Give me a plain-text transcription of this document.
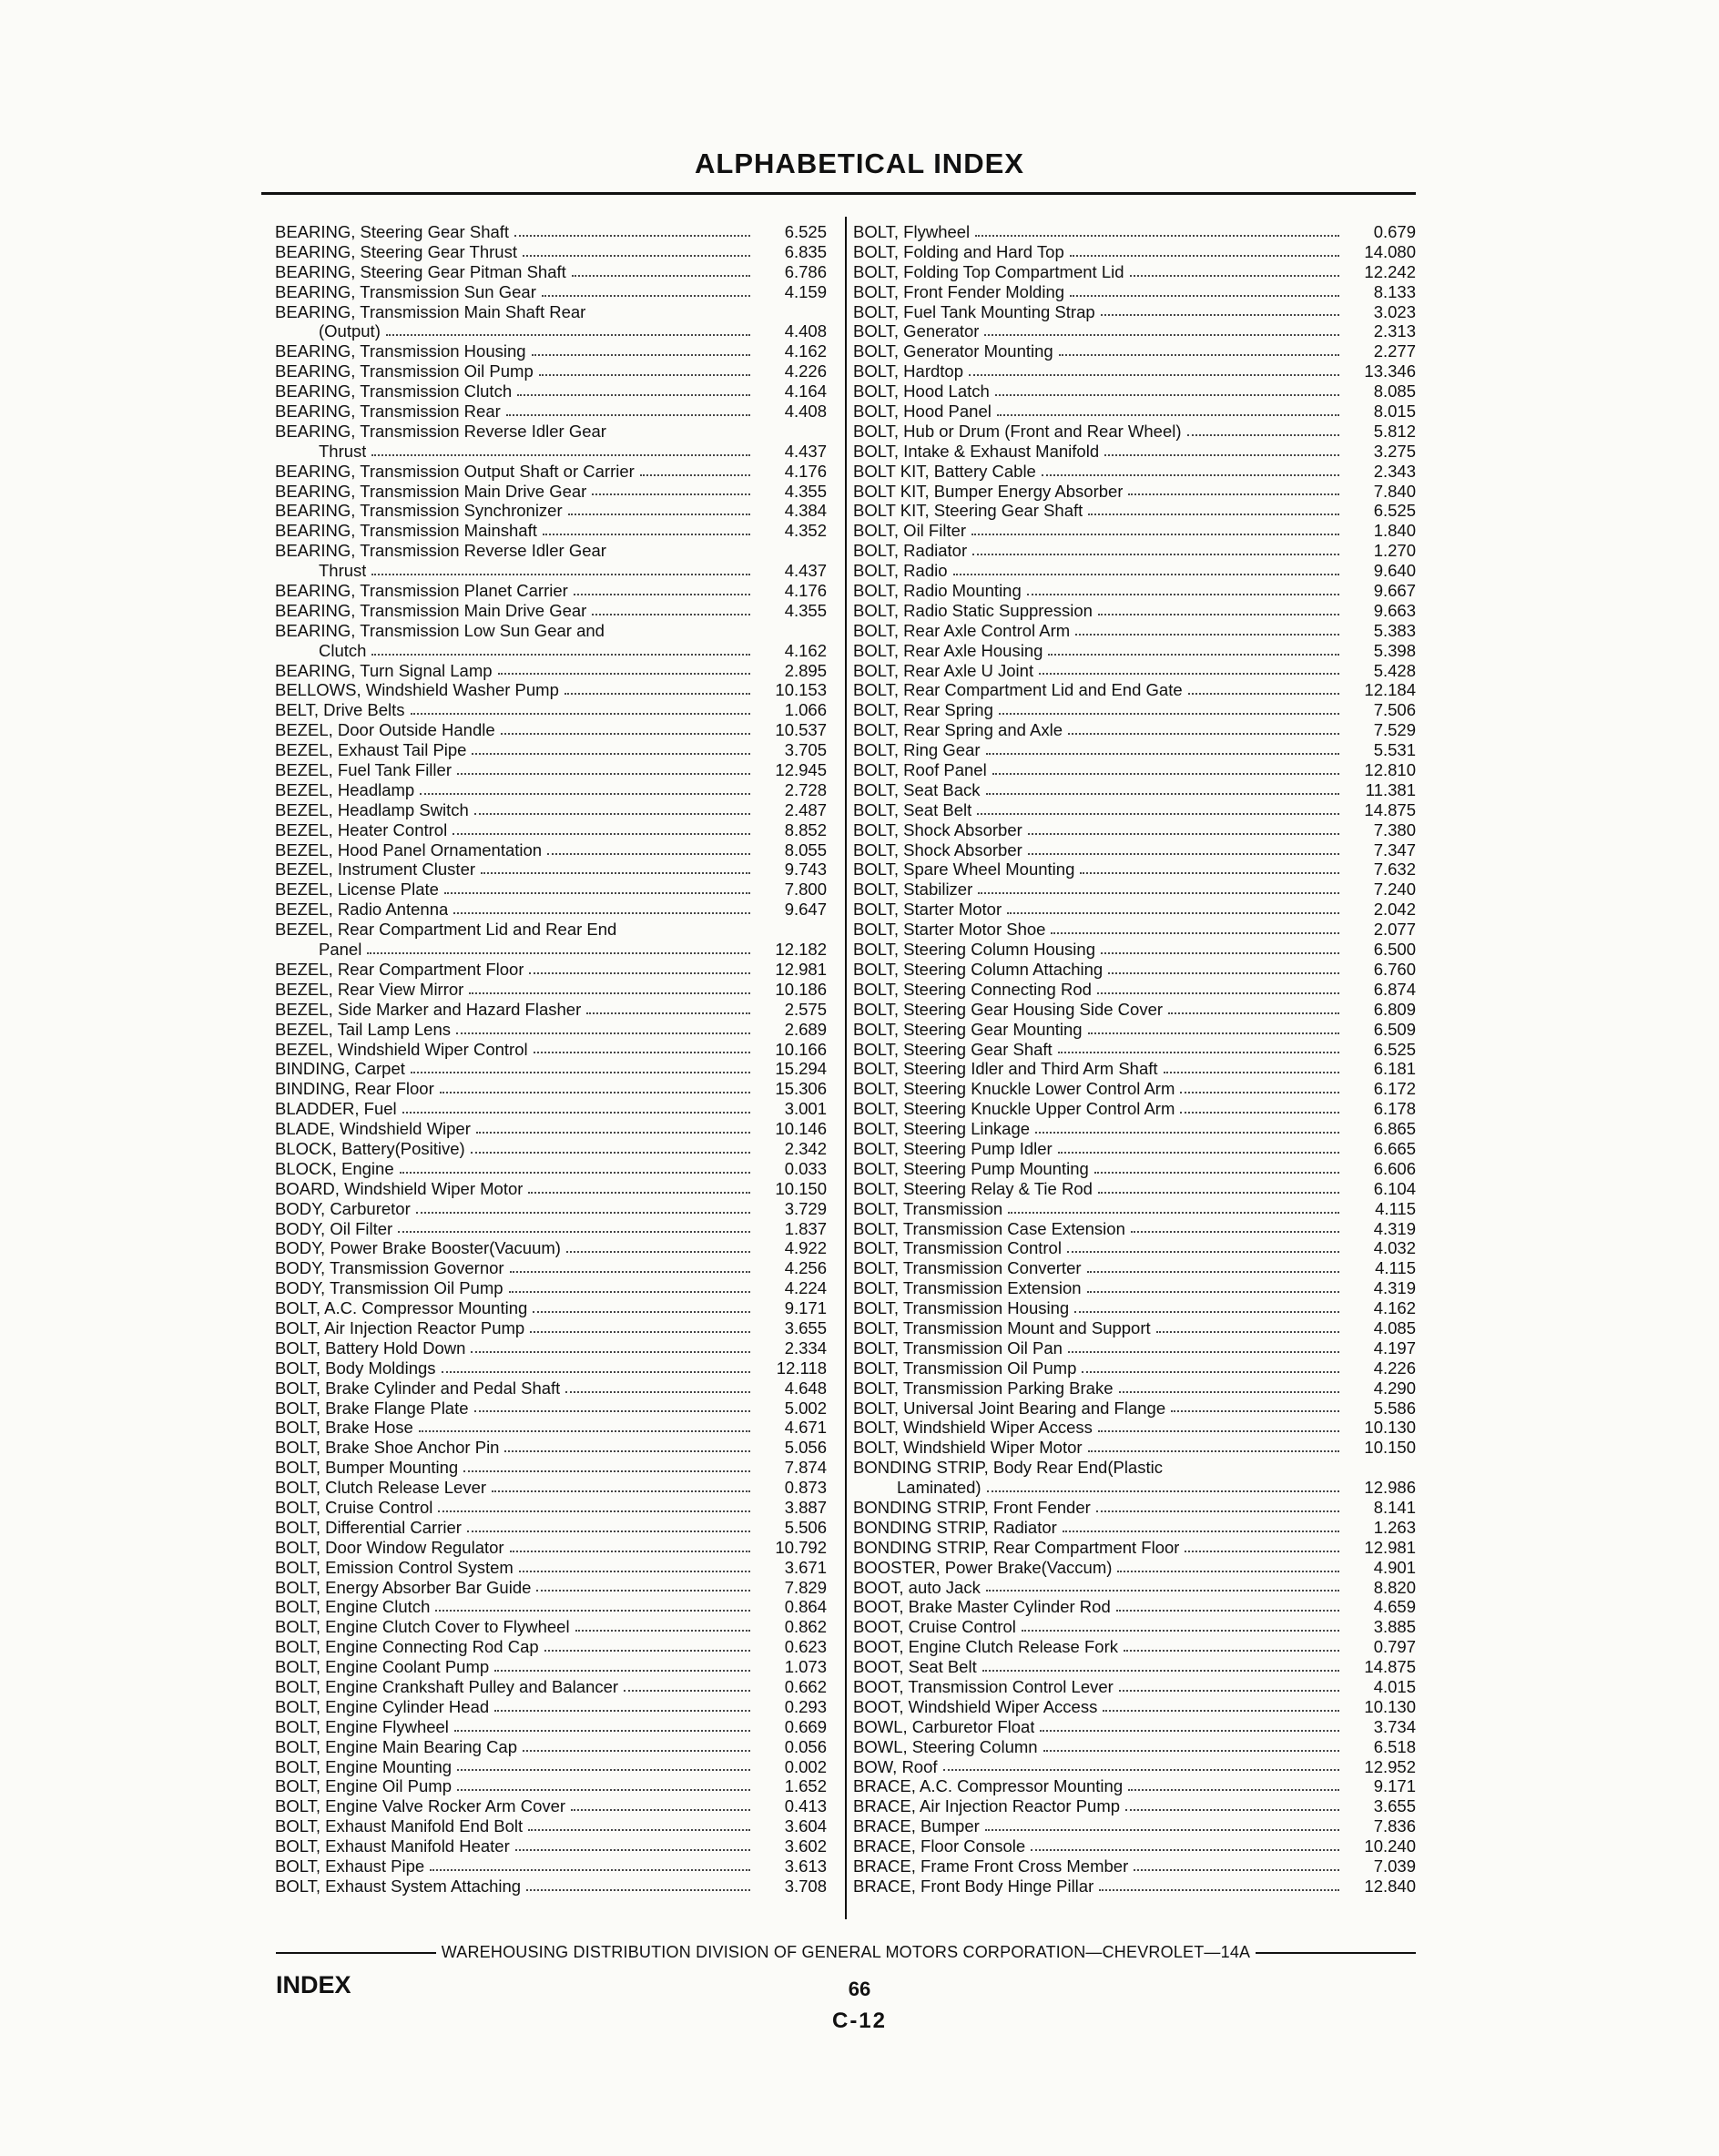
ALPHABETICAL INDEX
BEARING, Steering Gear Shaft	6.525
BEARING, Steering Gear Thrust	6.835
BEARING, Steering Gear Pitman Shaft	6.786
BEARING, Transmission Sun Gear	4.159
BEARING, Transmission Main Shaft Rear
(Output)	4.408
BEARING, Transmission Housing	4.162
BEARING, Transmission Oil Pump	4.226
BEARING, Transmission Clutch	4.164
BEARING, Transmission Rear	4.408
BEARING, Transmission Reverse Idler Gear
Thrust	4.437
BEARING, Transmission Output Shaft or Carrier	4.176
BEARING, Transmission Main Drive Gear	4.355
BEARING, Transmission Synchronizer	4.384
BEARING, Transmission Mainshaft	4.352
BEARING, Transmission Reverse Idler Gear
Thrust	4.437
BEARING, Transmission Planet Carrier	4.176
BEARING, Transmission Main Drive Gear	4.355
BEARING, Transmission Low Sun Gear and
Clutch	4.162
BEARING, Turn Signal Lamp	2.895
BELLOWS, Windshield Washer Pump	10.153
BELT, Drive Belts	1.066
BEZEL, Door Outside Handle	10.537
BEZEL, Exhaust Tail Pipe	3.705
BEZEL, Fuel Tank Filler	12.945
BEZEL, Headlamp	2.728
BEZEL, Headlamp Switch	2.487
BEZEL, Heater Control	8.852
BEZEL, Hood Panel Ornamentation	8.055
BEZEL, Instrument Cluster	9.743
BEZEL, License Plate	7.800
BEZEL, Radio Antenna	9.647
BEZEL, Rear Compartment Lid and Rear End
Panel	12.182
BEZEL, Rear Compartment Floor	12.981
BEZEL, Rear View Mirror	10.186
BEZEL, Side Marker and Hazard Flasher	2.575
BEZEL, Tail Lamp Lens	2.689
BEZEL, Windshield Wiper Control	10.166
BINDING, Carpet	15.294
BINDING, Rear Floor	15.306
BLADDER, Fuel	3.001
BLADE, Windshield Wiper	10.146
BLOCK, Battery(Positive)	2.342
BLOCK, Engine	0.033
BOARD, Windshield Wiper Motor	10.150
BODY, Carburetor	3.729
BODY, Oil Filter	1.837
BODY, Power Brake Booster(Vacuum)	4.922
BODY, Transmission Governor	4.256
BODY, Transmission Oil Pump	4.224
BOLT, A.C. Compressor Mounting	9.171
BOLT, Air Injection Reactor Pump	3.655
BOLT, Battery Hold Down	2.334
BOLT, Body Moldings	12.118
BOLT, Brake Cylinder and Pedal Shaft	4.648
BOLT, Brake Flange Plate	5.002
BOLT, Brake Hose	4.671
BOLT, Brake Shoe Anchor Pin	5.056
BOLT, Bumper Mounting	7.874
BOLT, Clutch Release Lever	0.873
BOLT, Cruise Control	3.887
BOLT, Differential Carrier	5.506
BOLT, Door Window Regulator	10.792
BOLT, Emission Control System	3.671
BOLT, Energy Absorber Bar Guide	7.829
BOLT, Engine Clutch	0.864
BOLT, Engine Clutch Cover to Flywheel	0.862
BOLT, Engine Connecting Rod Cap	0.623
BOLT, Engine Coolant Pump	1.073
BOLT, Engine Crankshaft Pulley and Balancer	0.662
BOLT, Engine Cylinder Head	0.293
BOLT, Engine Flywheel	0.669
BOLT, Engine Main Bearing Cap	0.056
BOLT, Engine Mounting	0.002
BOLT, Engine Oil Pump	1.652
BOLT, Engine Valve Rocker Arm Cover	0.413
BOLT, Exhaust Manifold End Bolt	3.604
BOLT, Exhaust Manifold Heater	3.602
BOLT, Exhaust Pipe	3.613
BOLT, Exhaust System Attaching	3.708
BOLT, Flywheel	0.679
BOLT, Folding and Hard Top	14.080
BOLT, Folding Top Compartment Lid	12.242
BOLT, Front Fender Molding	8.133
BOLT, Fuel Tank Mounting Strap	3.023
BOLT, Generator	2.313
BOLT, Generator Mounting	2.277
BOLT, Hardtop	13.346
BOLT, Hood Latch	8.085
BOLT, Hood Panel	8.015
BOLT, Hub or Drum (Front and Rear Wheel)	5.812
BOLT, Intake & Exhaust Manifold	3.275
BOLT KIT, Battery Cable	2.343
BOLT KIT, Bumper Energy Absorber	7.840
BOLT KIT, Steering Gear Shaft	6.525
BOLT, Oil Filter	1.840
BOLT, Radiator	1.270
BOLT, Radio	9.640
BOLT, Radio Mounting	9.667
BOLT, Radio Static Suppression	9.663
BOLT, Rear Axle Control Arm	5.383
BOLT, Rear Axle Housing	5.398
BOLT, Rear Axle U Joint	5.428
BOLT, Rear Compartment Lid and End Gate	12.184
BOLT, Rear Spring	7.506
BOLT, Rear Spring and Axle	7.529
BOLT, Ring Gear	5.531
BOLT, Roof Panel	12.810
BOLT, Seat Back	11.381
BOLT, Seat Belt	14.875
BOLT, Shock Absorber	7.380
BOLT, Shock Absorber	7.347
BOLT, Spare Wheel Mounting	7.632
BOLT, Stabilizer	7.240
BOLT, Starter Motor	2.042
BOLT, Starter Motor Shoe	2.077
BOLT, Steering Column Housing	6.500
BOLT, Steering Column Attaching	6.760
BOLT, Steering Connecting Rod	6.874
BOLT, Steering Gear Housing Side Cover	6.809
BOLT, Steering Gear Mounting	6.509
BOLT, Steering Gear Shaft	6.525
BOLT, Steering Idler and Third Arm Shaft	6.181
BOLT, Steering Knuckle Lower Control Arm	6.172
BOLT, Steering Knuckle Upper Control Arm	6.178
BOLT, Steering Linkage	6.865
BOLT, Steering Pump Idler	6.665
BOLT, Steering Pump Mounting	6.606
BOLT, Steering Relay & Tie Rod	6.104
BOLT, Transmission	4.115
BOLT, Transmission Case Extension	4.319
BOLT, Transmission Control	4.032
BOLT, Transmission Converter	4.115
BOLT, Transmission Extension	4.319
BOLT, Transmission Housing	4.162
BOLT, Transmission Mount and Support	4.085
BOLT, Transmission Oil Pan	4.197
BOLT, Transmission Oil Pump	4.226
BOLT, Transmission Parking Brake	4.290
BOLT, Universal Joint Bearing and Flange	5.586
BOLT, Windshield Wiper Access	10.130
BOLT, Windshield Wiper Motor	10.150
BONDING STRIP, Body Rear End(Plastic
Laminated)	12.986
BONDING STRIP, Front Fender	8.141
BONDING STRIP, Radiator	1.263
BONDING STRIP, Rear Compartment Floor	12.981
BOOSTER, Power Brake(Vaccum)	4.901
BOOT, auto Jack	8.820
BOOT, Brake Master Cylinder Rod	4.659
BOOT, Cruise Control	3.885
BOOT, Engine Clutch Release Fork	0.797
BOOT, Seat Belt	14.875
BOOT, Transmission Control Lever	4.015
BOOT, Windshield Wiper Access	10.130
BOWL, Carburetor Float	3.734
BOWL, Steering Column	6.518
BOW, Roof	12.952
BRACE, A.C. Compressor Mounting	9.171
BRACE, Air Injection Reactor Pump	3.655
BRACE, Bumper	7.836
BRACE, Floor Console	10.240
BRACE, Frame Front Cross Member	7.039
BRACE, Front Body Hinge Pillar	12.840
WAREHOUSING DISTRIBUTION DIVISION OF GENERAL MOTORS CORPORATION—CHEVROLET—14A
INDEX	66
C-12
